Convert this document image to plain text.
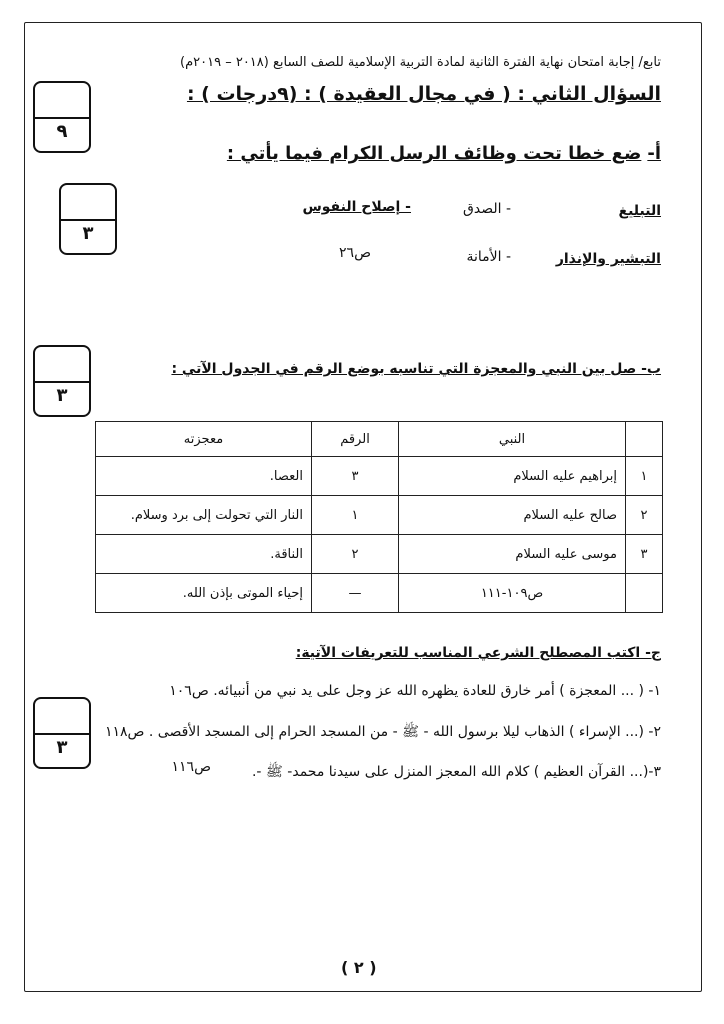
تابع/ إجابة امتحان نهاية الفترة الثانية لمادة التربية الإسلامية للصف السابع (٢٠١٨ – ٢٠١٩م)
السؤال الثاني : ( في مجال العقيدة ) : (٩درجات ) :
٩
٣
٣
٣
أ-ضع خطا تحت وظائف الرسل الكرام فيما يأتي :
التبليغ
- الصدق
- إصلاح النفوس
التبشير والإنذار
- الأمانة
ص٢٦
ب- صل بين النبي والمعجزة التي تناسبه بوضع الرقم في الجدول الآتي :
	النبي	الرقم	معجزته
١	إبراهيم عليه السلام	٣	العصا.
٢	صالح عليه السلام	١	النار التي تحولت إلى برد وسلام.
٣	موسى عليه السلام	٢	الناقة.
	ص١٠٩-١١١	—	إحياء الموتى بإذن الله.
ج- اكتب المصطلح الشرعي المناسب للتعريفات الآتية:
١- ( ... المعجزة ) أمر خارق للعادة يظهره الله عز وجل على يد نبي من أنبيائه. ص١٠٦
٢- (... الإسراء ) الذهاب ليلا برسول الله - ﷺ - من المسجد الحرام إلى المسجد الأقصى . ص١١٨
٣-(... القرآن العظيم ) كلام الله المعجز المنزل على سيدنا محمد- ﷺ -.
ص١١٦
( ٢ )
